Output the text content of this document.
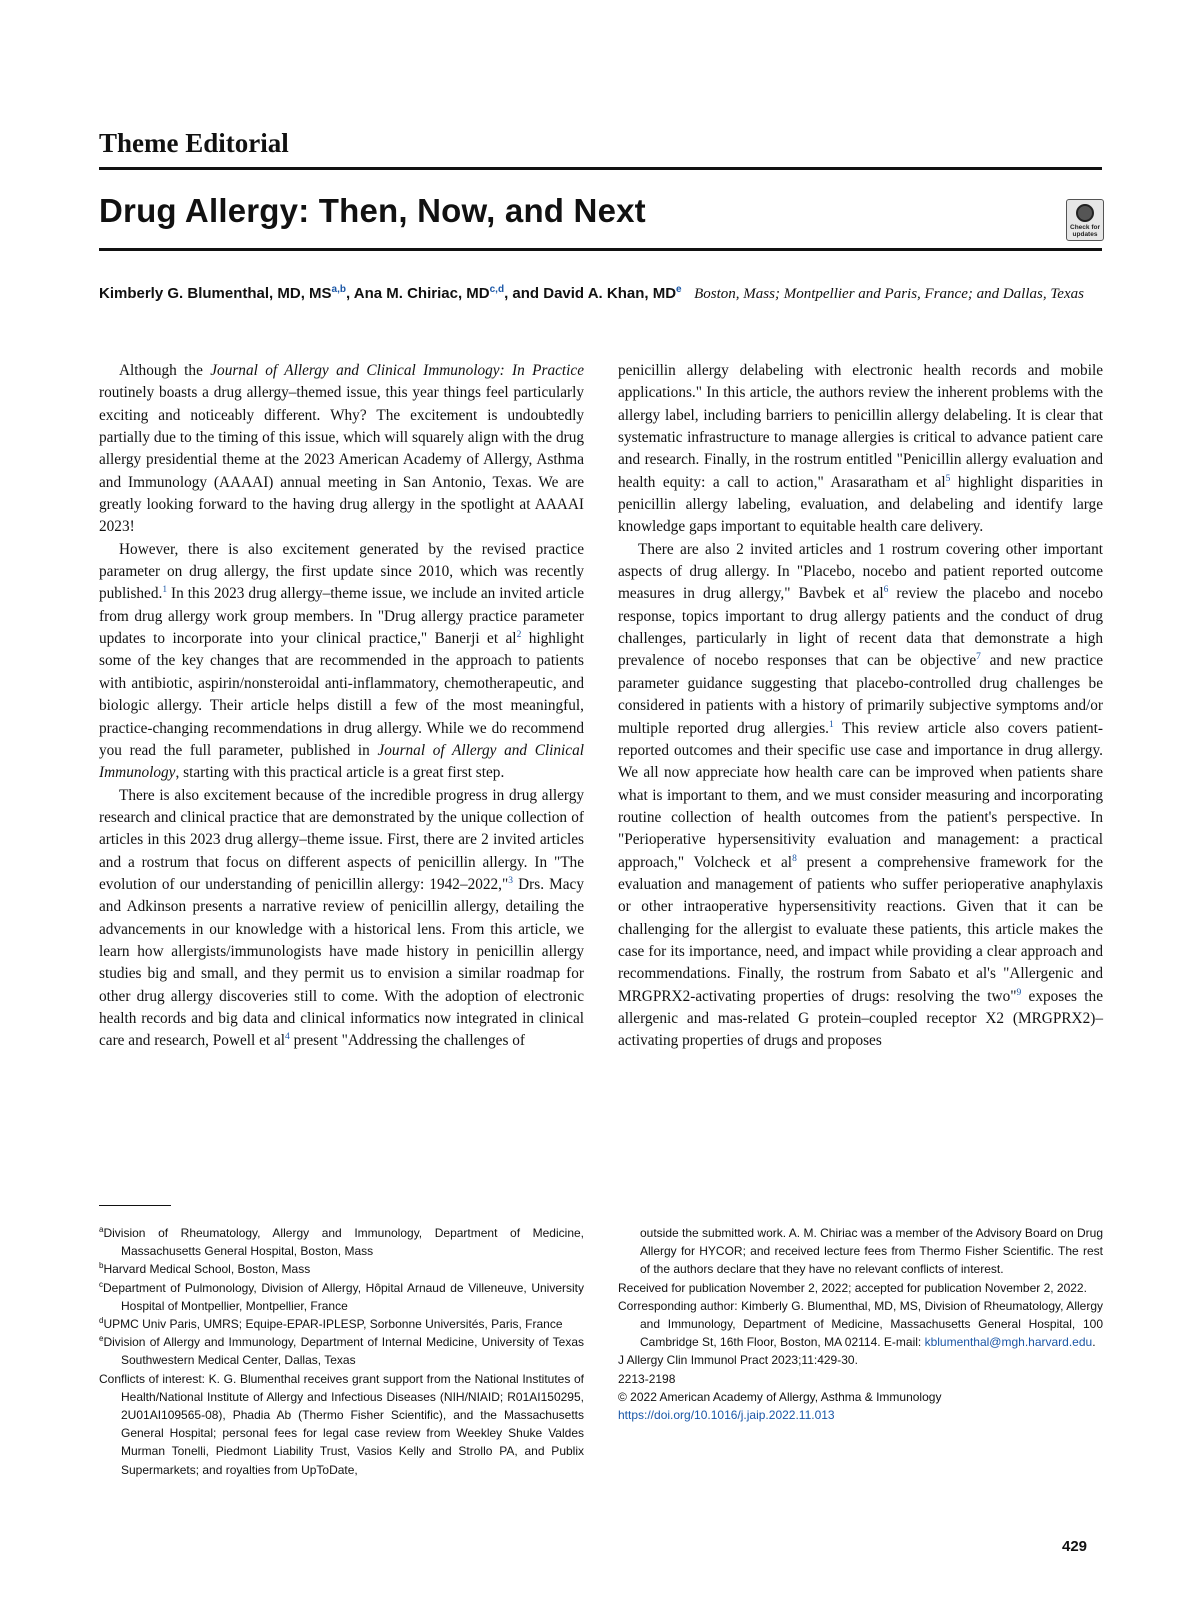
Theme Editorial
Drug Allergy: Then, Now, and Next	Check for updates
Kimberly G. Blumenthal, MD, MS$^{a,b}$, Ana M. Chiriac, MD$^{c,d}$, and David A. Khan, MDe Boston, Mass; Montpellier and Paris, France; and Dallas, Texas

Although the Journal of Allergy and Clinical Immunology: In Practice routinely boasts a drug allergy–themed issue, this year things feel particularly exciting and noticeably different. Why? The excitement is undoubtedly partially due to the timing of this issue, which will squarely align with the drug allergy presidential theme at the 2023 American Academy of Allergy, Asthma and Immunology (AAAAI) annual meeting in San Antonio, Texas. We are greatly looking forward to the having drug allergy in the spotlight at AAAAI 2023!

However, there is also excitement generated by the revised practice parameter on drug allergy, the first update since 2010, which was recently published.$^1$ In this 2023 drug allergy–theme issue, we include an invited article from drug allergy work group members. In "Drug allergy practice parameter updates to incorporate into your clinical practice," Banerji et $al^2$ highlight some of the key changes that are recommended in the approach to patients with antibiotic, aspirin/nonsteroidal anti-inflammatory, chemotherapeutic, and biologic allergy. Their article helps distill a few of the most meaningful, practice-changing recommendations in drug allergy. While we do recommend you read the full parameter, published in Journal of Allergy and Clinical Immunology, starting with this practical article is a great first step.

There is also excitement because of the incredible progress in drug allergy research and clinical practice that are demonstrated by the unique collection of articles in this 2023 drug allergy–theme issue. First, there are 2 invited articles and a rostrum that focus on different aspects of penicillin allergy. In "The evolution of our understanding of penicillin allergy: 1942–2022,"$^3$ Drs. Macy and Adkinson presents a narrative review of penicillin allergy, detailing the advancements in our knowledge with a historical lens. From this article, we learn how allergists/immunologists have made history in penicillin allergy studies big and small, and they permit us to envision a similar roadmap for other drug allergy discoveries still to come. With the adoption of electronic health records and big data and clinical informatics now integrated in clinical care and research, Powell et $al^4$ present "Addressing the challenges of

penicillin allergy delabeling with electronic health records and mobile applications." In this article, the authors review the inherent problems with the allergy label, including barriers to penicillin allergy delabeling. It is clear that systematic infrastructure to manage allergies is critical to advance patient care and research. Finally, in the rostrum entitled "Penicillin allergy evaluation and health equity: a call to action," Arasaratham et $al^5$ highlight disparities in penicillin allergy labeling, evaluation, and delabeling and identify large knowledge gaps important to equitable health care delivery.

There are also 2 invited articles and 1 rostrum covering other important aspects of drug allergy. In "Placebo, nocebo and patient reported outcome measures in drug allergy," Bavbek et $al^6$ review the placebo and nocebo response, topics important to drug allergy patients and the conduct of drug challenges, particularly in light of recent data that demonstrate a high prevalence of nocebo responses that can be objective$^7$ and new practice parameter guidance suggesting that placebo-controlled drug challenges be considered in patients with a history of primarily subjective symptoms and/or multiple reported drug allergies.$^1$ This review article also covers patient-reported outcomes and their specific use case and importance in drug allergy. We all now appreciate how health care can be improved when patients share what is important to them, and we must consider measuring and incorporating routine collection of health outcomes from the patient's perspective. In "Perioperative hypersensitivity evaluation and management: a practical approach," Volcheck et $al^8$ present a comprehensive framework for the evaluation and management of patients who suffer perioperative anaphylaxis or other intraoperative hypersensitivity reactions. Given that it can be challenging for the allergist to evaluate these patients, this article makes the case for its importance, need, and impact while providing a clear approach and recommendations. Finally, the rostrum from Sabato et al's "Allergenic and MRGPRX2-activating properties of drugs: resolving the two"$^9$ exposes the allergenic and mas-related G protein–coupled receptor X2 (MRGPRX2)–activating properties of drugs and proposes

$^a$Division of Rheumatology, Allergy and Immunology, Department of Medicine, Massachusetts General Hospital, Boston, Mass

$^b$Harvard Medical School, Boston, Mass

$^c$Department of Pulmonology, Division of Allergy, Hôpital Arnaud de Villeneuve, University Hospital of Montpellier, Montpellier, France

$^d$UPMC Univ Paris, UMRS; Equipe-EPAR-IPLESP, Sorbonne Universités, Paris, France

$^e$Division of Allergy and Immunology, Department of Internal Medicine, University of Texas Southwestern Medical Center, Dallas, Texas

Conflicts of interest: K. G. Blumenthal receives grant support from the National Institutes of Health/National Institute of Allergy and Infectious Diseases (NIH/NIAID; R01AI150295, 2U01AI109565-08), Phadia Ab (Thermo Fisher Scientific), and the Massachusetts General Hospital; personal fees for legal case review from Weekley Shuke Valdes Murman Tonelli, Piedmont Liability Trust, Vasios Kelly and Strollo PA, and Publix Supermarkets; and royalties from UpToDate,

outside the submitted work. A. M. Chiriac was a member of the Advisory Board on Drug Allergy for HYCOR; and received lecture fees from Thermo Fisher Scientific. The rest of the authors declare that they have no relevant conflicts of interest.

Received for publication November 2, 2022; accepted for publication November 2, 2022.

Corresponding author: Kimberly G. Blumenthal, MD, MS, Division of Rheumatology, Allergy and Immunology, Department of Medicine, Massachusetts General Hospital, 100 Cambridge St, 16th Floor, Boston, MA 02114. E-mail: kblumenthal@mgh.harvard.edu.

J Allergy Clin Immunol Pract 2023;11:429-30.

2213-2198

© 2022 American Academy of Allergy, Asthma & Immunology

https://doi.org/10.1016/j.jaip.2022.11.013

429
